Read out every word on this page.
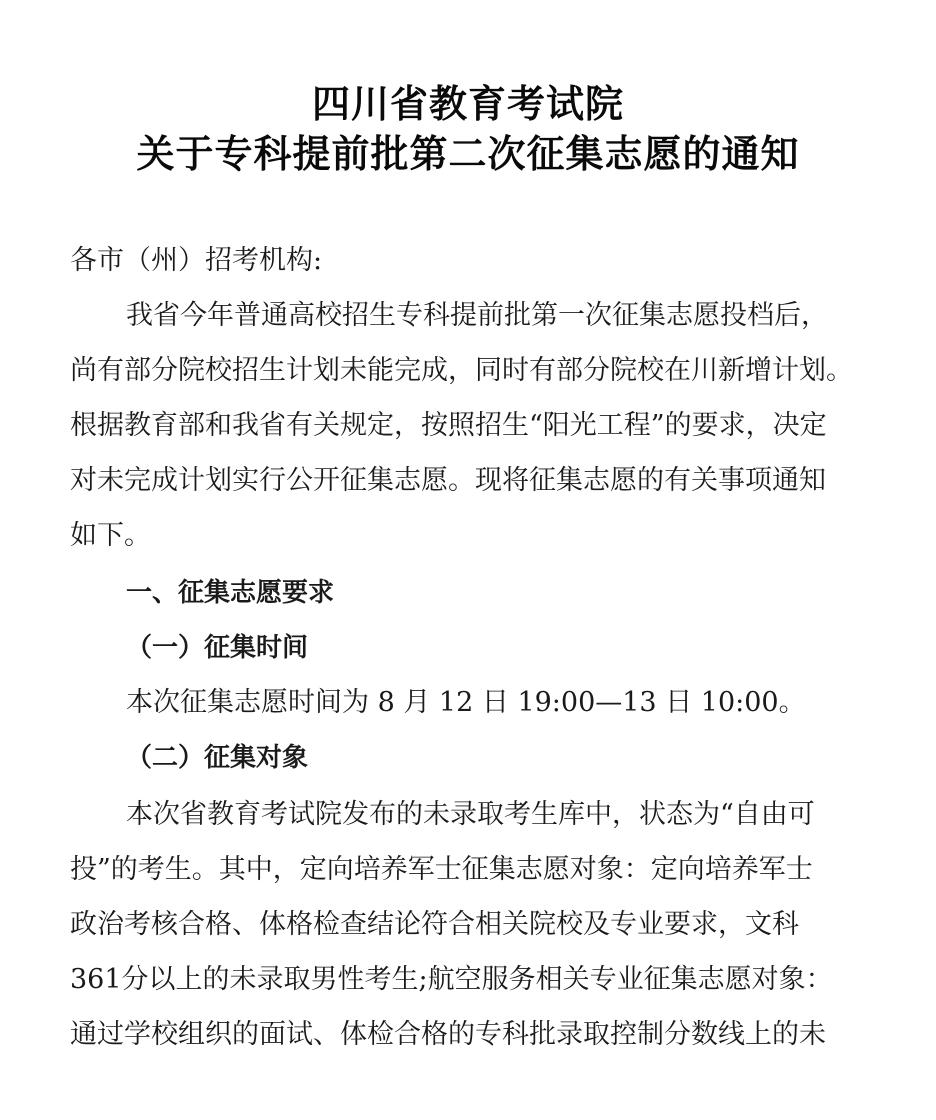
四川省教育考试院
关于专科提前批第二次征集志愿的通知
各市（州）招考机构:
我省今年普通高校招生专科提前批第一次征集志愿投档后，
尚有部分院校招生计划未能完成，同时有部分院校在川新增计划。
根据教育部和我省有关规定，按照招生“阳光工程”的要求，决定
对未完成计划实行公开征集志愿。现将征集志愿的有关事项通知
如下。
一、征集志愿要求
（一）征集时间
本次征集志愿时间为 8 月 12 日 19:00—13 日 10:00。
（二）征集对象
本次省教育考试院发布的未录取考生库中，状态为“自由可
投”的考生。其中，定向培养军士征集志愿对象：定向培养军士
政治考核合格、体格检查结论符合相关院校及专业要求，文科
361分以上的未录取男性考生;航空服务相关专业征集志愿对象：
通过学校组织的面试、体检合格的专科批录取控制分数线上的未
